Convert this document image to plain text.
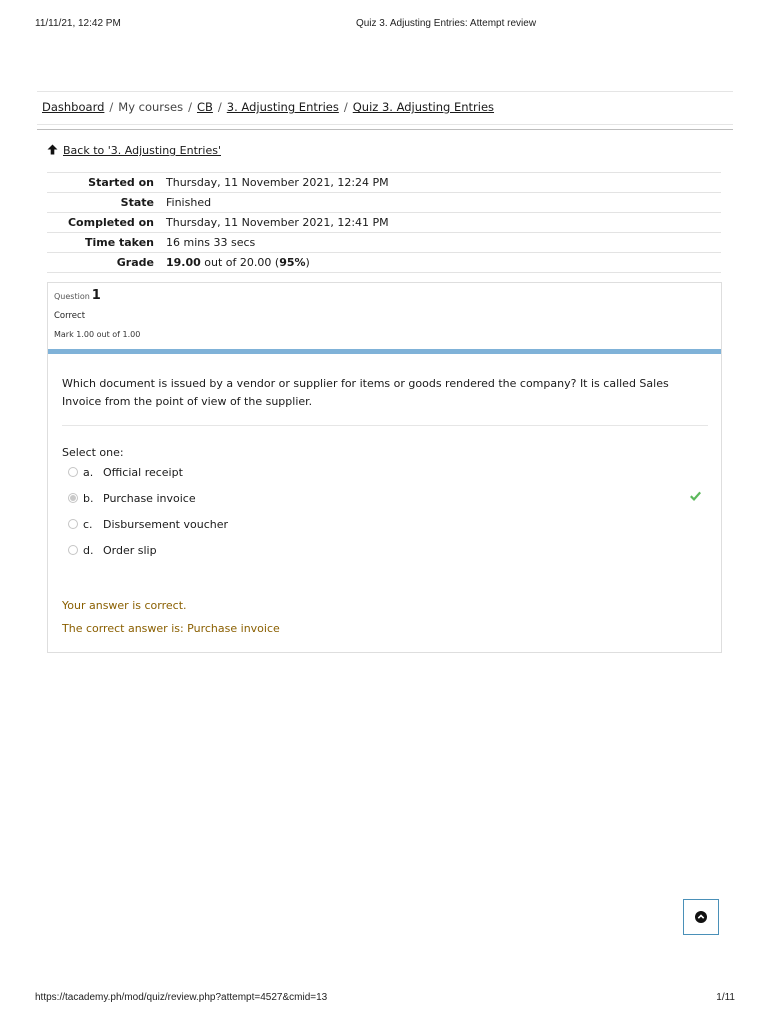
11/11/21, 12:42 PM	Quiz 3. Adjusting Entries: Attempt review
Dashboard / My courses / CB / 3. Adjusting Entries / Quiz 3. Adjusting Entries
Back to '3. Adjusting Entries'
Started on	Thursday, 11 November 2021, 12:24 PM
State	Finished
Completed on	Thursday, 11 November 2021, 12:41 PM
Time taken	16 mins 33 secs
Grade	19.00 out of 20.00 (95%)
Question 1
Correct
Mark 1.00 out of 1.00
Which document is issued by a vendor or supplier for items or goods rendered the company? It is called Sales Invoice from the point of view of the supplier.
Select one:
a. Official receipt
b. Purchase invoice
c. Disbursement voucher
d. Order slip
Your answer is correct.
The correct answer is: Purchase invoice
https://tacademy.ph/mod/quiz/review.php?attempt=4527&cmid=13	1/11
